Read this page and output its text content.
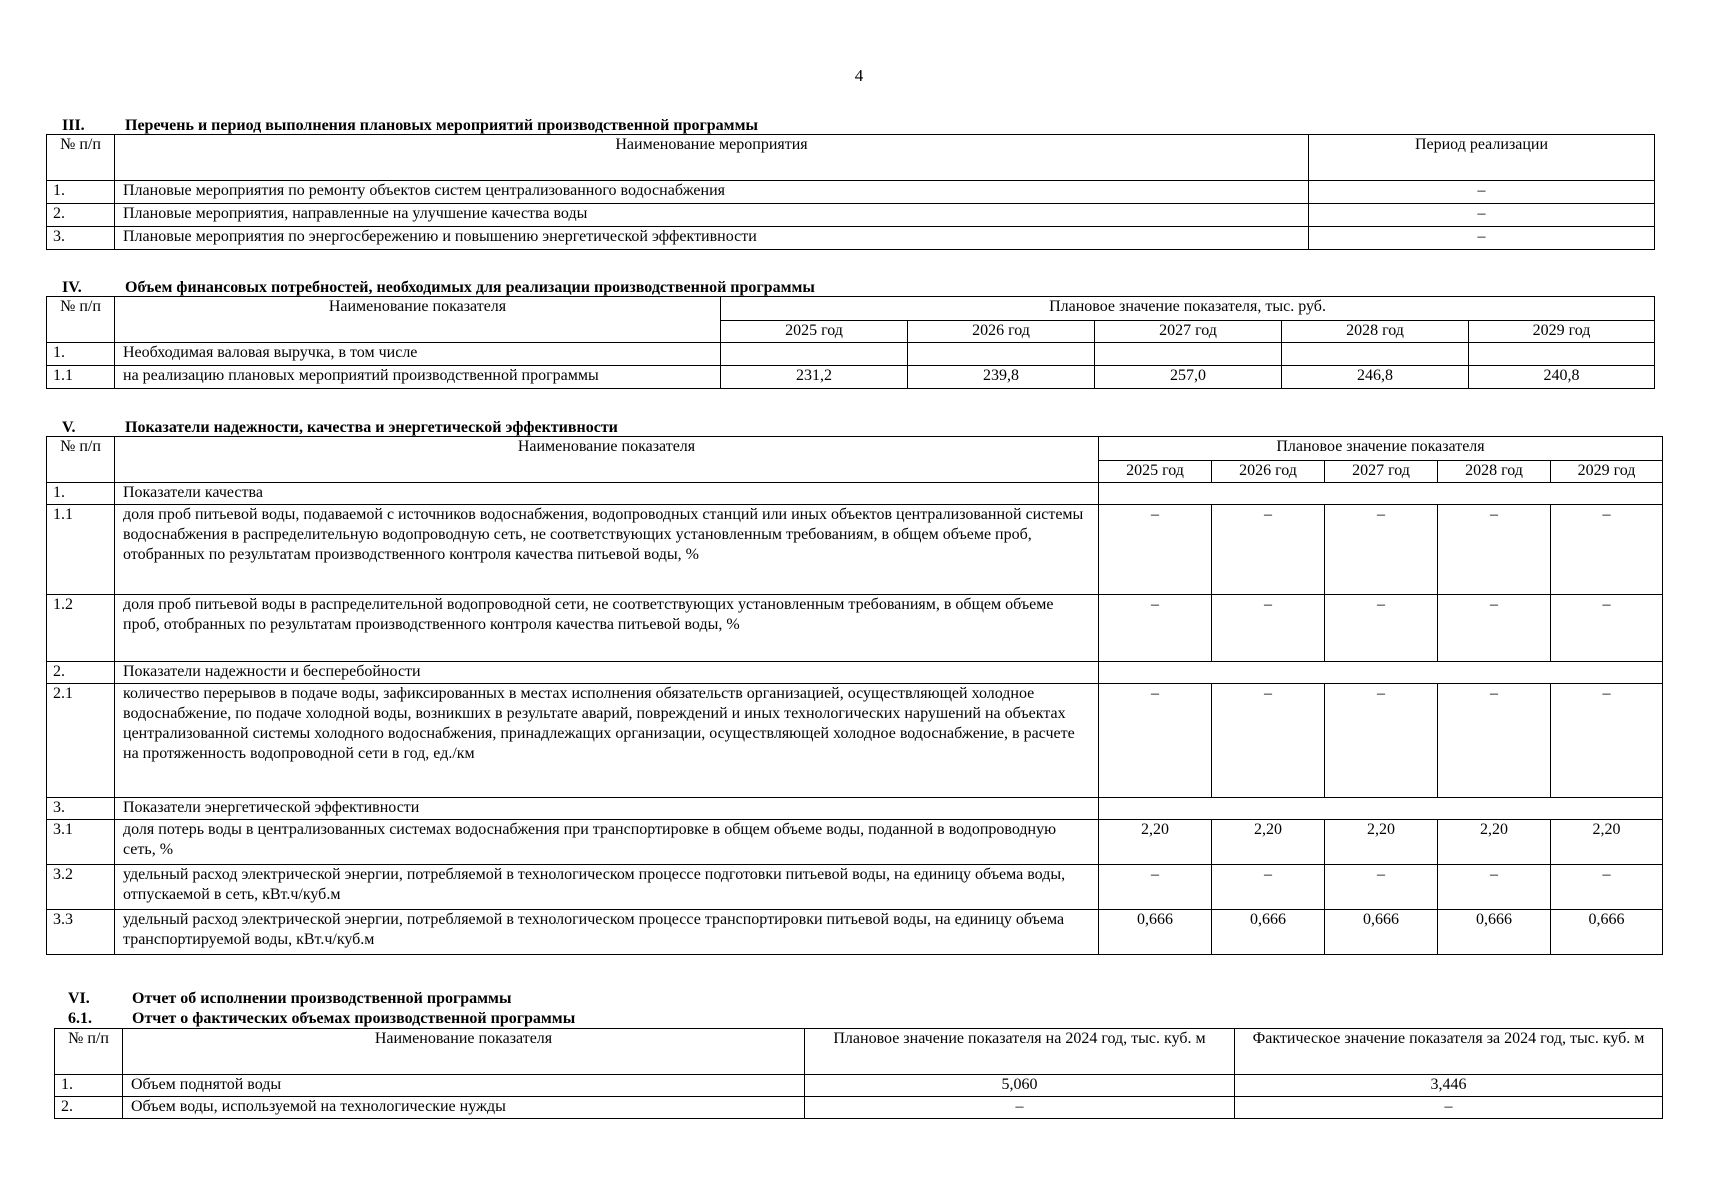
4
III.	Перечень и период выполнения плановых мероприятий производственной программы
№ п/п	Наименование мероприятия	Период реализации
1.	Плановые мероприятия по ремонту объектов систем централизованного водоснабжения	–
2.	Плановые мероприятия, направленные на улучшение качества воды	–
3.	Плановые мероприятия по энергосбережению и повышению энергетической эффективности	–
IV.	Объем финансовых потребностей, необходимых для реализации производственной программы
№ п/п	Наименование показателя	Плановое значение показателя, тыс. руб.				
		2025 год	2026 год	2027 год	2028 год	2029 год
1.	Необходимая валовая выручка, в том числе					
1.1	на реализацию плановых мероприятий производственной программы	231,2	239,8	257,0	246,8	240,8
V.	Показатели надежности, качества и энергетической эффективности
№ п/п	Наименование показателя	Плановое значение показателя				
		2025 год	2026 год	2027 год	2028 год	2029 год
1.	Показатели качества					
1.1	доля проб питьевой воды, подаваемой с источников водоснабжения, водопроводных станций или иных объектов централизованной системы водоснабжения в распределительную водопроводную сеть, не соответствующих установленным требованиям, в общем объеме проб, отобранных по результатам производственного контроля качества питьевой воды, %	–	–	–	–	–
1.2	доля проб питьевой воды в распределительной водопроводной сети, не соответствующих установленным требованиям, в общем объеме проб, отобранных по результатам производственного контроля качества питьевой воды, %	–	–	–	–	–
2.	Показатели надежности и бесперебойности					
2.1	количество перерывов в подаче воды, зафиксированных в местах исполнения обязательств организацией, осуществляющей холодное водоснабжение, по подаче холодной воды, возникших в результате аварий, повреждений и иных технологических нарушений на объектах централизованной системы холодного водоснабжения, принадлежащих организации, осуществляющей холодное водоснабжение, в расчете на протяженность водопроводной сети в год, ед./км	–	–	–	–	–
3.	Показатели энергетической эффективности					
3.1	доля потерь воды в централизованных системах водоснабжения при транспортировке в общем объеме воды, поданной в водопроводную сеть, %	2,20	2,20	2,20	2,20	2,20
3.2	удельный расход электрической энергии, потребляемой в технологическом процессе подготовки питьевой воды, на единицу объема воды, отпускаемой в сеть, кВт.ч/куб.м	–	–	–	–	–
3.3	удельный расход электрической энергии, потребляемой в технологическом процессе транспортировки питьевой воды, на единицу объема транспортируемой воды, кВт.ч/куб.м	0,666	0,666	0,666	0,666	0,666
VI.	Отчет об исполнении производственной программы
6.1.	Отчет о фактических объемах производственной программы
№ п/п	Наименование показателя	Плановое значение показателя на 2024 год, тыс. куб. м	Фактическое значение показателя за 2024 год, тыс. куб. м
1.	Объем поднятой воды	5,060	3,446
2.	Объем воды, используемой на технологические нужды	–	–
